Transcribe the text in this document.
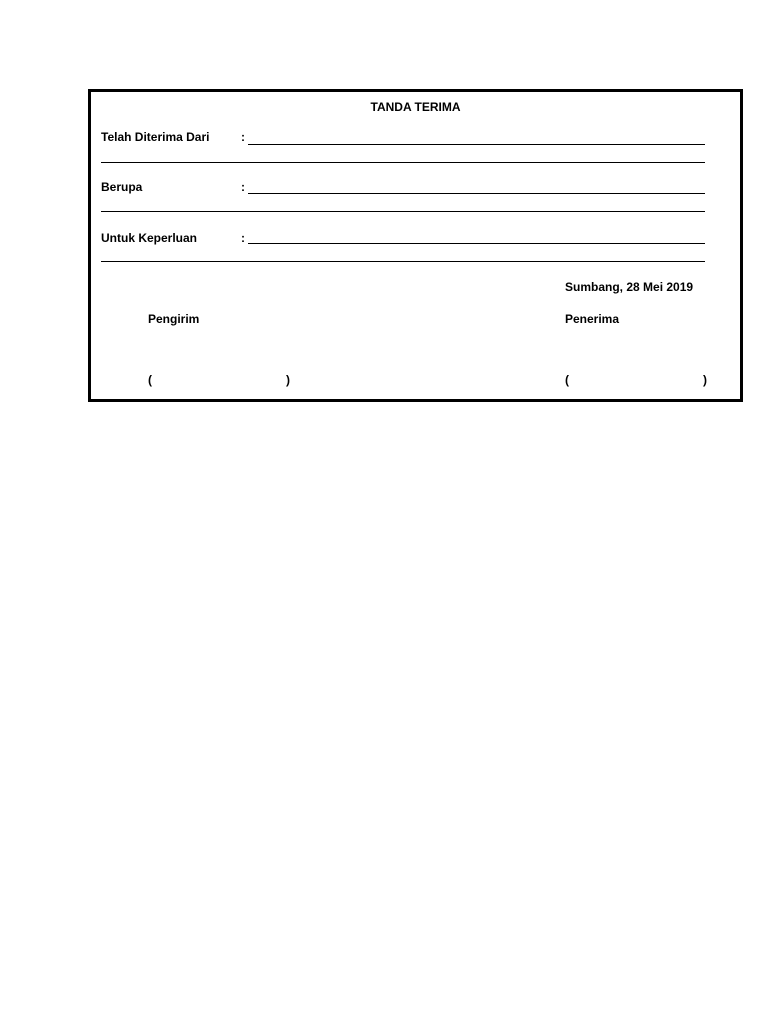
TANDA TERIMA
Telah Diterima Dari	:
Berupa	:
Untuk Keperluan	:
Sumbang, 28 Mei 2019
Pengirim	Penerima
(	)	(	)
